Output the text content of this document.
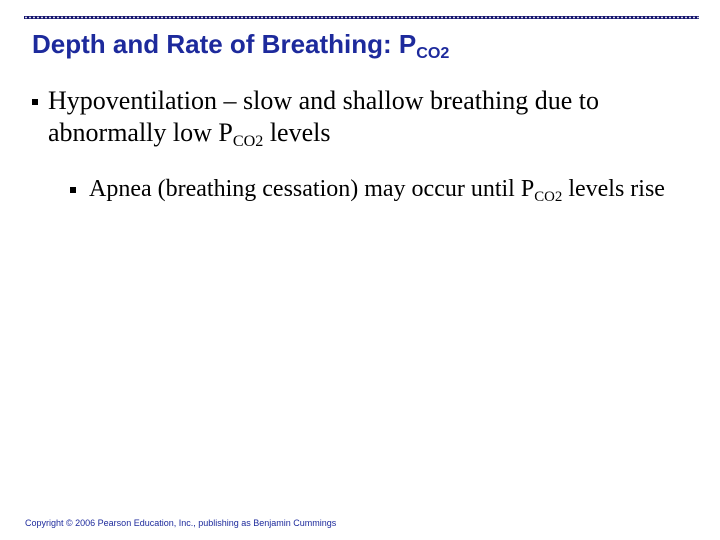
Depth and Rate of Breathing: $P_{CO2}$
Hypoventilation – slow and shallow breathing due to abnormally low $P_{CO2}$ levels
Apnea (breathing cessation) may occur until $P_{CO2}$ levels rise
Copyright © 2006 Pearson Education, Inc., publishing as Benjamin Cummings
